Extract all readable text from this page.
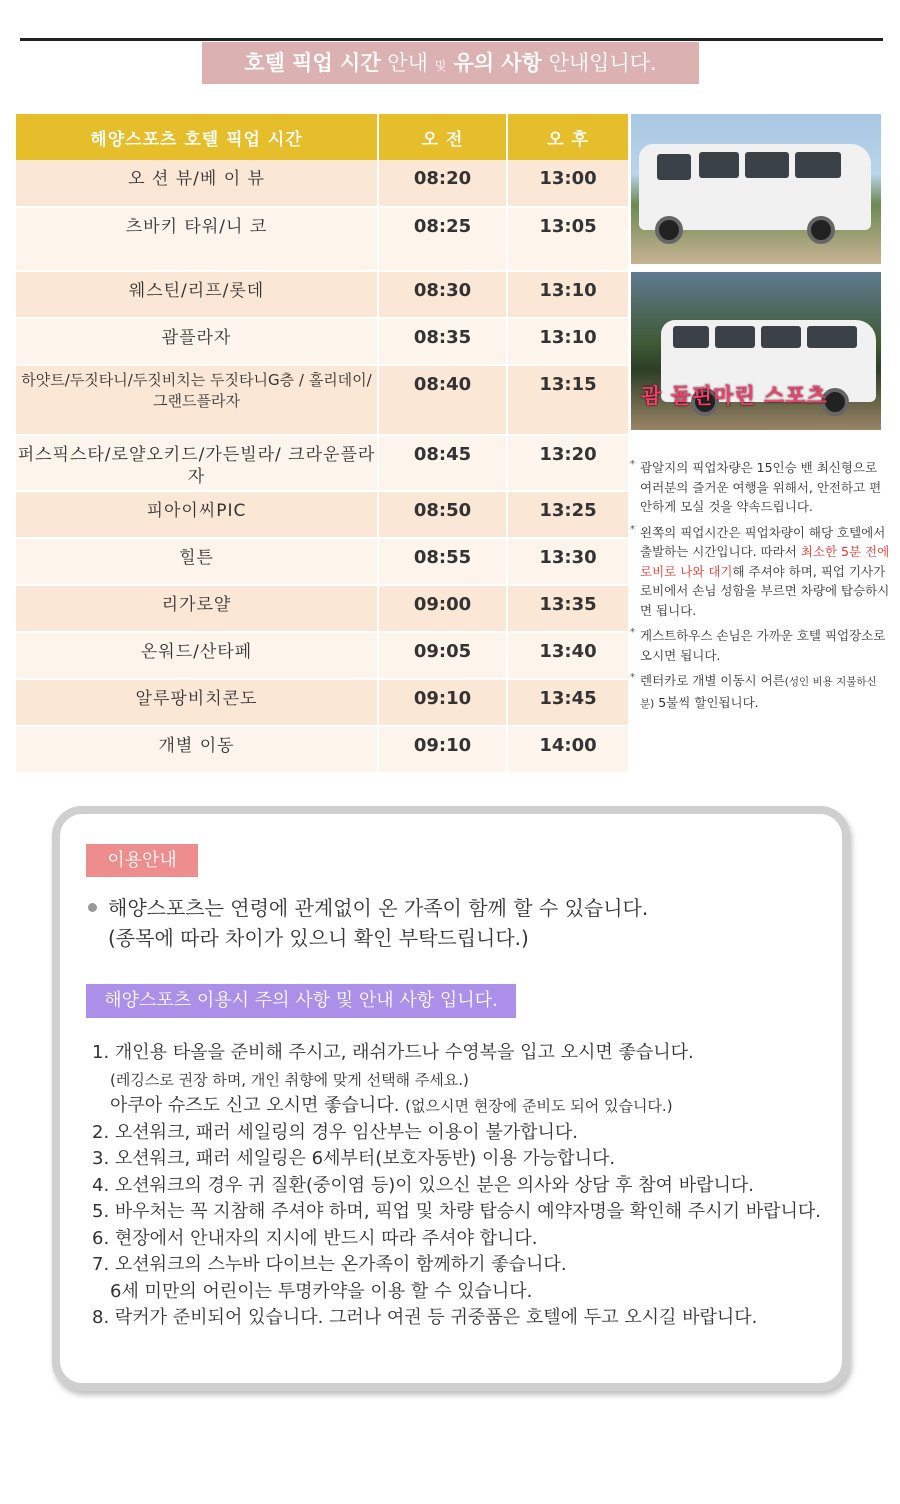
호텔 픽업 시간 안내 및 유의 사항 안내입니다.
해양스포츠 호텔 픽업 시간	오 전	오 후
오 션 뷰/베 이 뷰	08:20	13:00
츠바키 타워/니 코	08:25	13:05
웨스틴/리프/롯데	08:30	13:10
괌플라자	08:35	13:10
하얏트/두짓타니/두짓비치는 두짓타니G층 / 홀리데이/그랜드플라자	08:40	13:15
퍼스픽스타/로얄오키드/가든빌라/ 크라운플라자	08:45	13:20
피아이씨PIC	08:50	13:25
힐튼	08:55	13:30
리가로얄	09:00	13:35
온워드/산타페	09:05	13:40
알루팡비치콘도	09:10	13:45
개별 이동	09:10	14:00
괌 돌핀마린 스포츠
* 괌알지의 픽업차량은 15인승 밴 최신형으로 여러분의 즐거운 여행을 위해서, 안전하고 편안하게 모실 것을 약속드립니다.
* 왼쪽의 픽업시간은 픽업차량이 해당 호텔에서 출발하는 시간입니다. 따라서 최소한 5분 전에 로비로 나와 대기해 주셔야 하며, 픽업 기사가 로비에서 손님 성함을 부르면 차량에 탑승하시면 됩니다.
* 게스트하우스 손님은 가까운 호텔 픽업장소로 오시면 됩니다.
* 렌터카로 개별 이동시 어른(성인 비용 지불하신 분) 5불씩 할인됩니다.
이용안내
해양스포츠는 연령에 관계없이 온 가족이 함께 할 수 있습니다.
(종목에 따라 차이가 있으니 확인 부탁드립니다.)
해양스포츠 이용시 주의 사항 및 안내 사항 입니다.
1. 개인용 타올을 준비해 주시고, 래쉬가드나 수영복을 입고 오시면 좋습니다.
(레깅스로 권장 하며, 개인 취향에 맞게 선택해 주세요.)
아쿠아 슈즈도 신고 오시면 좋습니다. (없으시면 현장에 준비도 되어 있습니다.)
2. 오션워크, 패러 세일링의 경우 임산부는 이용이 불가합니다.
3. 오션워크, 패러 세일링은 6세부터(보호자동반) 이용 가능합니다.
4. 오션워크의 경우 귀 질환(중이염 등)이 있으신 분은 의사와 상담 후 참여 바랍니다.
5. 바우처는 꼭 지참해 주셔야 하며, 픽업 및 차량 탑승시 예약자명을 확인해 주시기 바랍니다.
6. 현장에서 안내자의 지시에 반드시 따라 주셔야 합니다.
7. 오션워크의 스누바 다이브는 온가족이 함께하기 좋습니다.
6세 미만의 어린이는 투명카약을 이용 할 수 있습니다.
8. 락커가 준비되어 있습니다. 그러나 여권 등 귀중품은 호텔에 두고 오시길 바랍니다.
